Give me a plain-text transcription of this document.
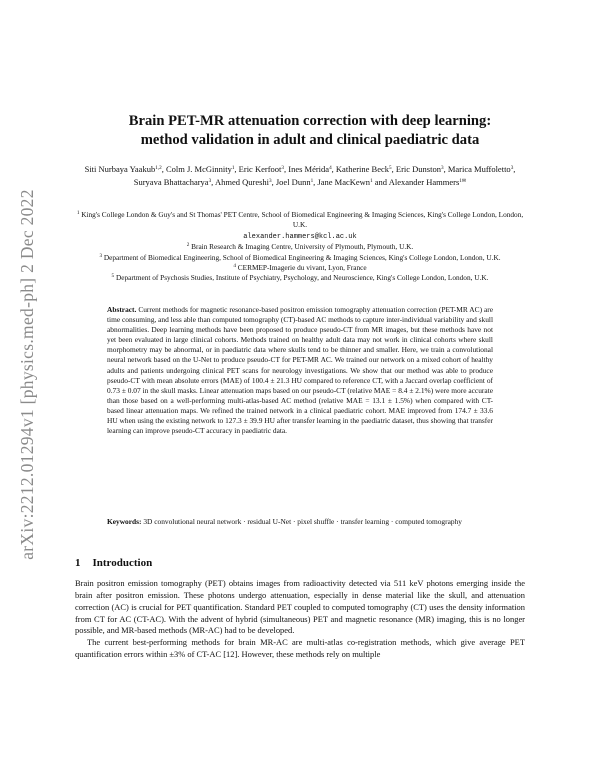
arXiv:2212.01294v1 [physics.med-ph] 2 Dec 2022
Brain PET-MR attenuation correction with deep learning:
method validation in adult and clinical paediatric data
Siti Nurbaya Yaakub$^{1,2}$, Colm J. McGinnity$^1$, Eric Kerfoot$^3$, Ines Mérida$^4$, Katherine Beck$^5$, Eric Dunston$^3$, Marica Muffoletto$^3$, Suryava Bhattacharya$^3$, Ahmed Qureshi$^3$, Joel Dunn$^1$, Jane MacKewn$^1$ and Alexander Hammers$^{1✉}$

$^1$ King's College London & Guy's and St Thomas' PET Centre, School of Biomedical Engineering & Imaging Sciences, King's College London, London, U.K.
alexander.hammers@kcl.ac.uk

$^2$ Brain Research & Imaging Centre, University of Plymouth, Plymouth, U.K.

$^3$ Department of Biomedical Engineering, School of Biomedical Engineering & Imaging Sciences, King's College London, London, U.K.

$^4$ CERMEP-Imagerie du vivant, Lyon, France

$^5$ Department of Psychosis Studies, Institute of Psychiatry, Psychology, and Neuroscience, King's College London, London, U.K.

Abstract. Current methods for magnetic resonance-based positron emission tomography attenuation correction (PET-MR AC) are time consuming, and less able than computed tomography (CT)-based AC methods to capture inter-individual variability and skull abnormalities. Deep learning methods have been proposed to produce pseudo-CT from MR images, but these methods have not yet been evaluated in large clinical cohorts. Methods trained on healthy adult data may not work in clinical cohorts where skull morphometry may be abnormal, or in paediatric data where skulls tend to be thinner and smaller. Here, we train a convolutional neural network based on the U-Net to produce pseudo-CT for PET-MR AC. We trained our network on a mixed cohort of healthy adults and patients undergoing clinical PET scans for neurology investigations. We show that our method was able to produce pseudo-CT with mean absolute errors (MAE) of 100.4 ± 21.3 HU compared to reference CT, with a Jaccard overlap coefficient of 0.73 ± 0.07 in the skull masks. Linear attenuation maps based on our pseudo-CT (relative MAE = 8.4 ± 2.1%) were more accurate than those based on a well-performing multi-atlas-based AC method (relative MAE = 13.1 ± 1.5%) when compared with CT-based linear attenuation maps. We refined the trained network in a clinical paediatric cohort. MAE improved from 174.7 ± 33.6 HU when using the existing network to 127.3 ± 39.9 HU after transfer learning in the paediatric dataset, thus showing that transfer learning can improve pseudo-CT accuracy in paediatric data.
Keywords: 3D convolutional neural network · residual U-Net · pixel shuffle · transfer learning · computed tomography
1 Introduction

Brain positron emission tomography (PET) obtains images from radioactivity detected via 511 keV photons emerging inside the brain after positron emission. These photons undergo attenuation, especially in dense material like the skull, and attenuation correction (AC) is crucial for PET quantification. Standard PET coupled to computed tomography (CT) uses the density information from CT for AC (CT-AC). With the advent of hybrid (simultaneous) PET and magnetic resonance (MR) imaging, this is no longer possible, and MR-based methods (MR-AC) had to be developed.

The current best-performing methods for brain MR-AC are multi-atlas co-registration methods, which give average PET quantification errors within ±3% of CT-AC [12]. However, these methods rely on multiple
